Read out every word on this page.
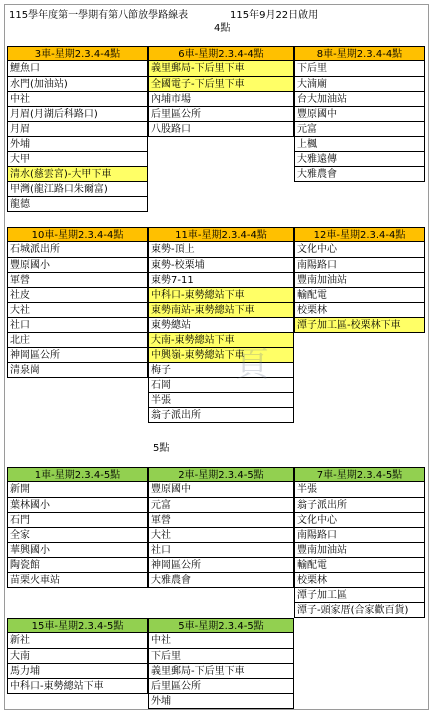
115學年度第一學期有第八節放學路線表	115年9月22日啟用
4點
3車-星期2.3.4-4點
鯉魚口
水門(加油站)
中社
月眉(月湖后科路口)
月眉
外埔
大甲
清水(慈雲宮)-大甲下車
甲灣(龍江路口朱爾富)
龍德
6車-星期2.3.4-4點
義里郵局-下后里下車
全國電子-下后里下車
內埔市場
后里區公所
八股路口
8車-星期2.3.4-4點
下后里
大湳廟
台大加油站
豐原國中
元富
上楓
大雅遠傳
大雅農會
10車-星期2.3.4-4點
石城派出所
豐原國小
軍營
社皮
大社
社口
北庄
神岡區公所
清泉崗
11車-星期2.3.4-4點
東勢-頂上
東勢-校栗埔
東勢7-11
中科口-東勢總站下車
東勢南站-東勢總站下車
東勢總站
大南-東勢總站下車
中興嶺-東勢總站下車
梅子
石岡
半張
翁子派出所
12車-星期2.3.4-4點
文化中心
南陽路口
豐南加油站
輸配電
校栗林
潭子加工區-校栗林下車
5點
1車-星期2.3.4-5點
新開
葉林國小
石門
全家
華興國小
陶瓷館
苗栗火車站
2車-星期2.3.4-5點
豐原國中
元富
軍營
大社
社口
神岡區公所
大雅農會
7車-星期2.3.4-5點
半張
翁子派出所
文化中心
南陽路口
豐南加油站
輸配電
校栗林
潭子加工區
潭子-頭家厝(合家歡百貨)
15車-星期2.3.4-5點
新社
大南
馬力埔
中科口-東勢總站下車
5車-星期2.3.4-5點
中社
下后里
義里郵局-下后里下車
后里區公所
外埔
頁
